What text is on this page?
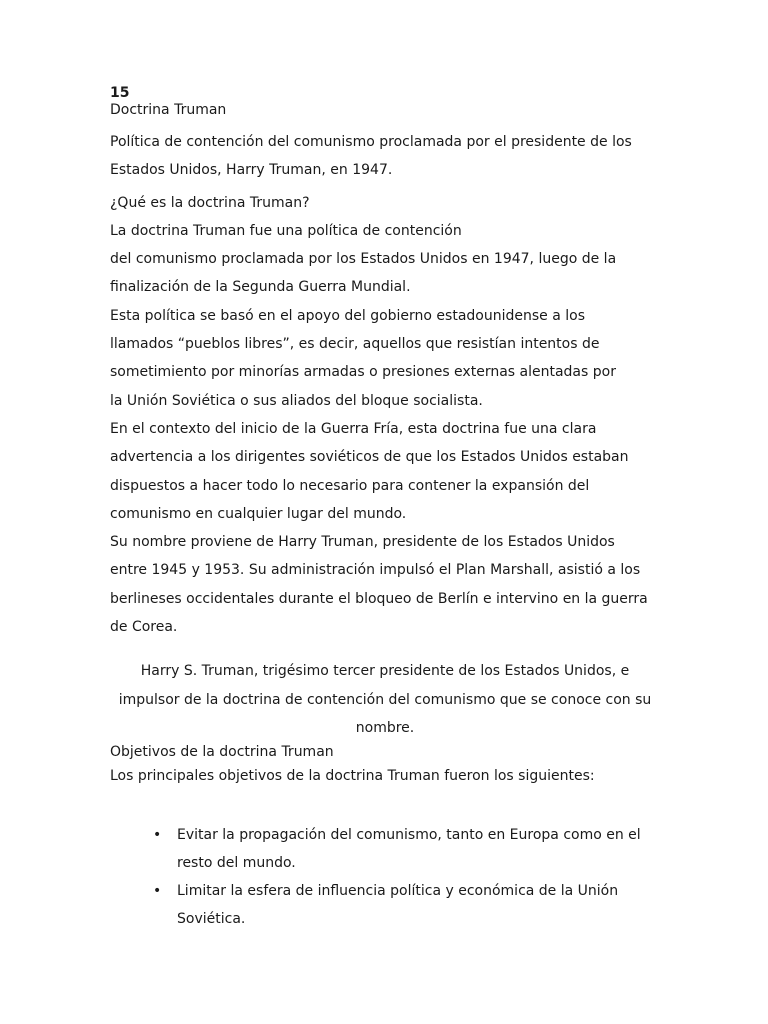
15
Doctrina Truman
Política de contención del comunismo proclamada por el presidente de los
Estados Unidos, Harry Truman, en 1947.
¿Qué es la doctrina Truman?
La doctrina Truman fue una política de contención
del comunismo proclamada por los Estados Unidos en 1947, luego de la
finalización de la Segunda Guerra Mundial.
Esta política se basó en el apoyo del gobierno estadounidense a los
llamados “pueblos libres”, es decir, aquellos que resistían intentos de
sometimiento por minorías armadas o presiones externas alentadas por
la Unión Soviética o sus aliados del bloque socialista.
En el contexto del inicio de la Guerra Fría, esta doctrina fue una clara
advertencia a los dirigentes soviéticos de que los Estados Unidos estaban
dispuestos a hacer todo lo necesario para contener la expansión del
comunismo en cualquier lugar del mundo.
Su nombre proviene de Harry Truman, presidente de los Estados Unidos
entre 1945 y 1953. Su administración impulsó el Plan Marshall, asistió a los
berlineses occidentales durante el bloqueo de Berlín e intervino en la guerra
de Corea.
Harry S. Truman, trigésimo tercer presidente de los Estados Unidos, e
impulsor de la doctrina de contención del comunismo que se conoce con su
nombre.
Objetivos de la doctrina Truman
Los principales objetivos de la doctrina Truman fueron los siguientes:
• Evitar la propagación del comunismo, tanto en Europa como en el
resto del mundo.
• Limitar la esfera de influencia política y económica de la Unión
Soviética.
